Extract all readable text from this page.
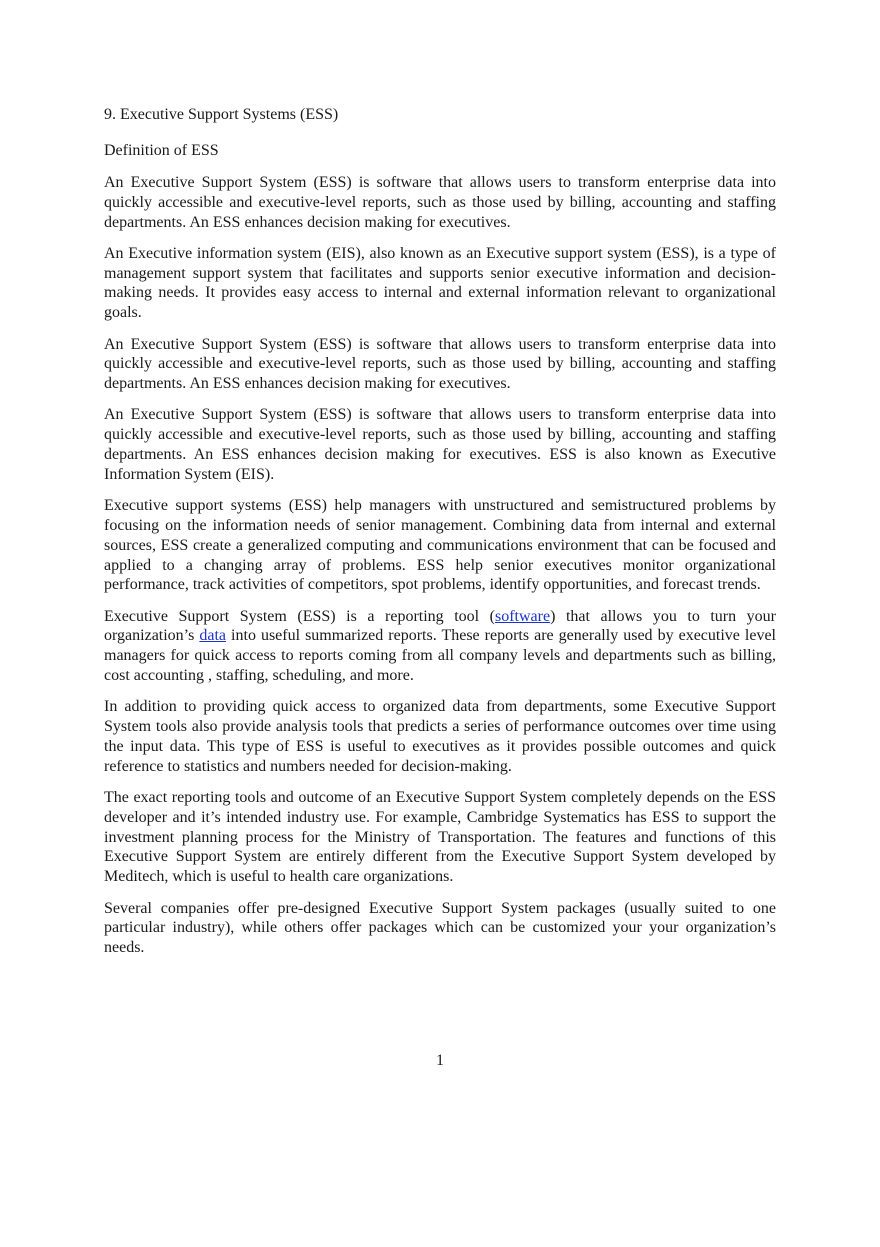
9. Executive Support Systems (ESS)
Definition of ESS

An Executive Support System (ESS) is software that allows users to transform enterprise data into quickly accessible and executive-level reports, such as those used by billing, accounting and staffing departments. An ESS enhances decision making for executives.

An Executive information system (EIS), also known as an Executive support system (ESS), is a type of management support system that facilitates and supports senior executive information and decision-making needs. It provides easy access to internal and external information relevant to organizational goals.

An Executive Support System (ESS) is software that allows users to transform enterprise data into quickly accessible and executive-level reports, such as those used by billing, accounting and staffing departments. An ESS enhances decision making for executives.

An Executive Support System (ESS) is software that allows users to transform enterprise data into quickly accessible and executive-level reports, such as those used by billing, accounting and staffing departments. An ESS enhances decision making for executives. ESS is also known as Executive Information System (EIS).

Executive support systems (ESS) help managers with unstructured and semistructured problems by focusing on the information needs of senior management. Combining data from internal and external sources, ESS create a generalized computing and communications environment that can be focused and applied to a changing array of problems. ESS help senior executives monitor organizational performance, track activities of competitors, spot problems, identify opportunities, and forecast trends.

Executive Support System (ESS) is a reporting tool (software) that allows you to turn your organization’s data into useful summarized reports. These reports are generally used by executive level managers for quick access to reports coming from all company levels and departments such as billing, cost accounting , staffing, scheduling, and more.

In addition to providing quick access to organized data from departments, some Executive Support System tools also provide analysis tools that predicts a series of performance outcomes over time using the input data. This type of ESS is useful to executives as it provides possible outcomes and quick reference to statistics and numbers needed for decision-making.

The exact reporting tools and outcome of an Executive Support System completely depends on the ESS developer and it’s intended industry use. For example, Cambridge Systematics has ESS to support the investment planning process for the Ministry of Transportation. The features and functions of this Executive Support System are entirely different from the Executive Support System developed by Meditech, which is useful to health care organizations.

Several companies offer pre-designed Executive Support System packages (usually suited to one particular industry), while others offer packages which can be customized your your organization’s needs.

1
